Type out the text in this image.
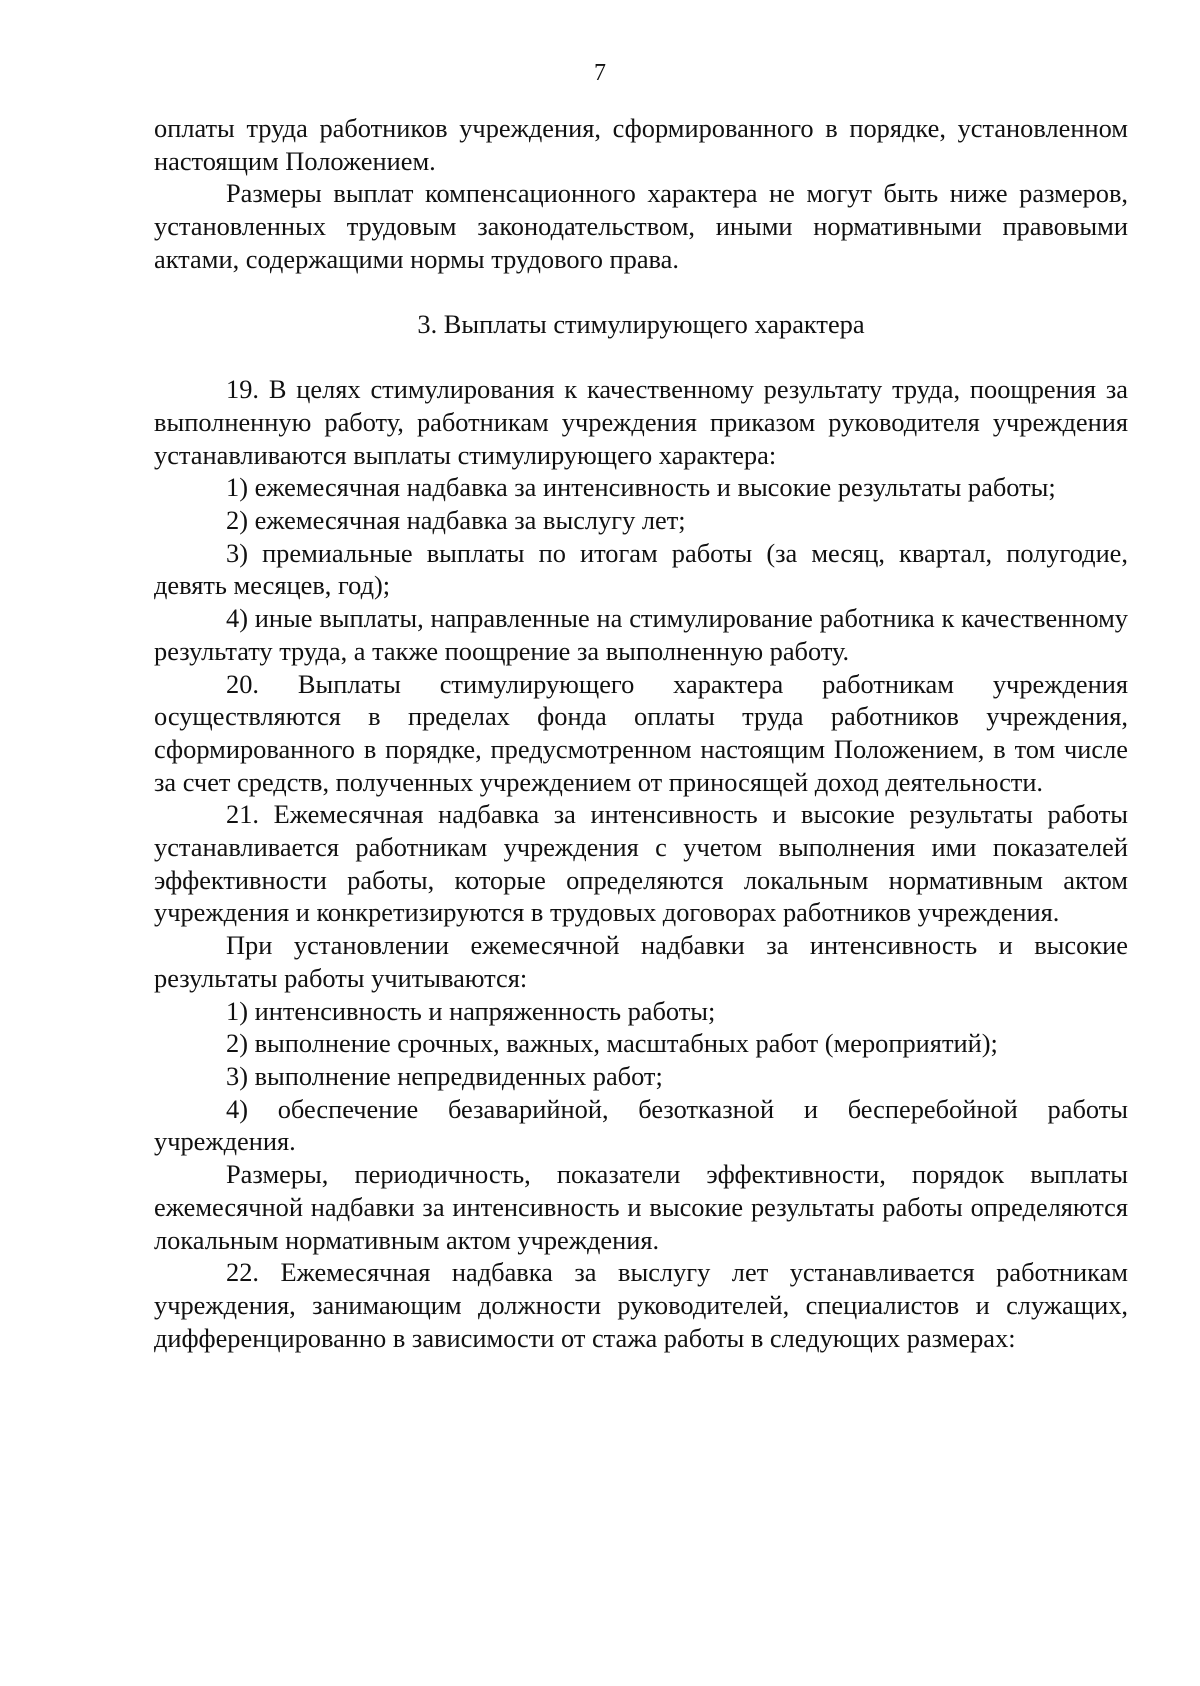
7

оплаты труда работников учреждения, сформированного в порядке, установленном настоящим Положением.

Размеры выплат компенсационного характера не могут быть ниже размеров, установленных трудовым законодательством, иными нормативными правовыми актами, содержащими нормы трудового права.

3. Выплаты стимулирующего характера

19. В целях стимулирования к качественному результату труда, поощрения за выполненную работу, работникам учреждения приказом руководителя учреждения устанавливаются выплаты стимулирующего характера:

1) ежемесячная надбавка за интенсивность и высокие результаты работы;

2) ежемесячная надбавка за выслугу лет;

3) премиальные выплаты по итогам работы (за месяц, квартал, полугодие, девять месяцев, год);

4) иные выплаты, направленные на стимулирование работника к качественному результату труда, а также поощрение за выполненную работу.

20. Выплаты стимулирующего характера работникам учреждения осуществляются в пределах фонда оплаты труда работников учреждения, сформированного в порядке, предусмотренном настоящим Положением, в том числе за счет средств, полученных учреждением от приносящей доход деятельности.

21. Ежемесячная надбавка за интенсивность и высокие результаты работы устанавливается работникам учреждения с учетом выполнения ими показателей эффективности работы, которые определяются локальным нормативным актом учреждения и конкретизируются в трудовых договорах работников учреждения.

При установлении ежемесячной надбавки за интенсивность и высокие результаты работы учитываются:

1) интенсивность и напряженность работы;

2) выполнение срочных, важных, масштабных работ (мероприятий);

3) выполнение непредвиденных работ;

4) обеспечение безаварийной, безотказной и бесперебойной работы учреждения.

Размеры, периодичность, показатели эффективности, порядок выплаты ежемесячной надбавки за интенсивность и высокие результаты работы определяются локальным нормативным актом учреждения.

22. Ежемесячная надбавка за выслугу лет устанавливается работникам учреждения, занимающим должности руководителей, специалистов и служащих, дифференцированно в зависимости от стажа работы в следующих размерах:
